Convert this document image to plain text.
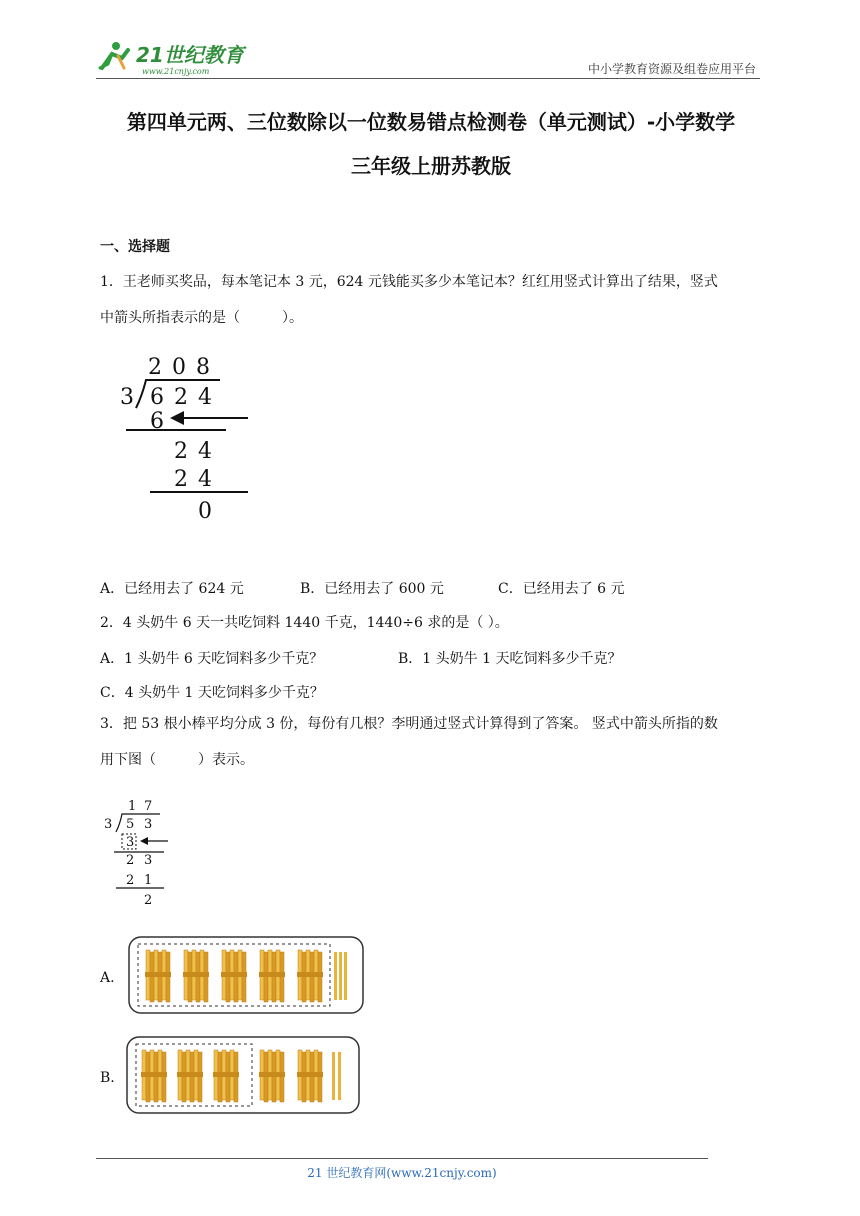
21世纪教育
www.21cnjy.com	中小学教育资源及组卷应用平台
第四单元两、三位数除以一位数易错点检测卷（单元测试）-小学数学
三年级上册苏教版
一、选择题
1．王老师买奖品，每本笔记本 3 元，624 元钱能买多少本笔记本？红红用竖式计算出了结果，竖式
中箭头所指表示的是（　　　）。
2 0 8
3 6 2 4
6
2 4
2 4
0
A．已经用去了 624 元	B．已经用去了 600 元	C．已经用去了 6 元
2．4 头奶牛 6 天一共吃饲料 1440 千克，1440÷6 求的是（ ）。
A．1 头奶牛 6 天吃饲料多少千克？	B．1 头奶牛 1 天吃饲料多少千克？
C．4 头奶牛 1 天吃饲料多少千克？
3．把 53 根小棒平均分成 3 份，每份有几根？李明通过竖式计算得到了答案。 竖式中箭头所指的数
用下图（　　　）表示。
1 7
3 5 3
3
2 3
2 1
2
A.
B.
21 世纪教育网(www.21cnjy.com)
